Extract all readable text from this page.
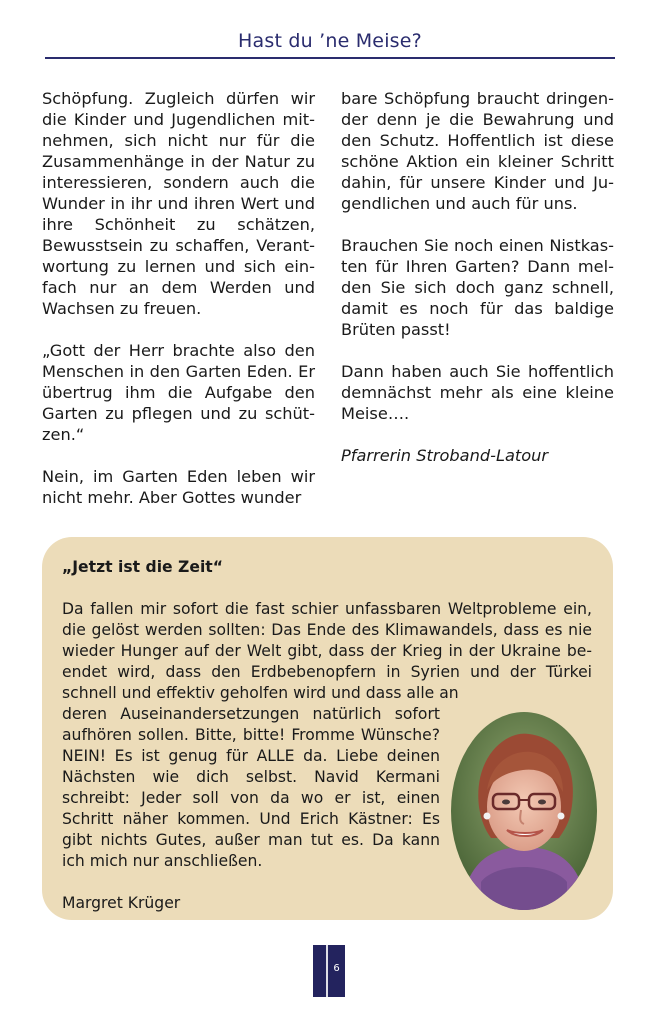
Hast du ’ne Meise?

Schöpfung. Zugleich dürfen wir die Kinder und Jugendlichen mitnehmen, sich nicht nur für die Zusammenhänge in der Natur zu interessieren, sondern auch die Wunder in ihr und ihren Wert und ihre Schönheit zu schätzen, Bewusstsein zu schaffen, Verantwortung zu lernen und sich einfach nur an dem Werden und Wachsen zu freuen.

„Gott der Herr brachte also den Menschen in den Garten Eden. Er übertrug ihm die Aufgabe den Garten zu pflegen und zu schützen.“

Nein, im Garten Eden leben wir nicht mehr. Aber Gottes wunder

bare Schöpfung braucht dringender denn je die Bewahrung und den Schutz. Hoffentlich ist diese schöne Aktion ein kleiner Schritt dahin, für unsere Kinder und Jugendlichen und auch für uns.

Brauchen Sie noch einen Nistkasten für Ihren Garten? Dann melden Sie sich doch ganz schnell, damit es noch für das baldige Brüten passt!

Dann haben auch Sie hoffentlich demnächst mehr als eine kleine Meise….

Pfarrerin Stroband-Latour

„Jetzt ist die Zeit“

Da fallen mir sofort die fast schier unfassbaren Weltprobleme ein, die gelöst werden sollten: Das Ende des Klimawandels, dass es nie wieder Hunger auf der Welt gibt, dass der Krieg in der Ukraine beendet wird, dass den Erdbebenopfern in Syrien und der Türkei schnell und effektiv geholfen wird und dass alle an

deren Auseinandersetzungen natürlich sofort aufhören sollen. Bitte, bitte! Fromme Wünsche? NEIN! Es ist genug für ALLE da. Liebe deinen Nächsten wie dich selbst. Navid Kermani schreibt: Jeder soll von da wo er ist, einen Schritt näher kommen. Und Erich Kästner: Es gibt nichts Gutes, außer man tut es. Da kann ich mich nur anschließen.

Margret Krüger

6
